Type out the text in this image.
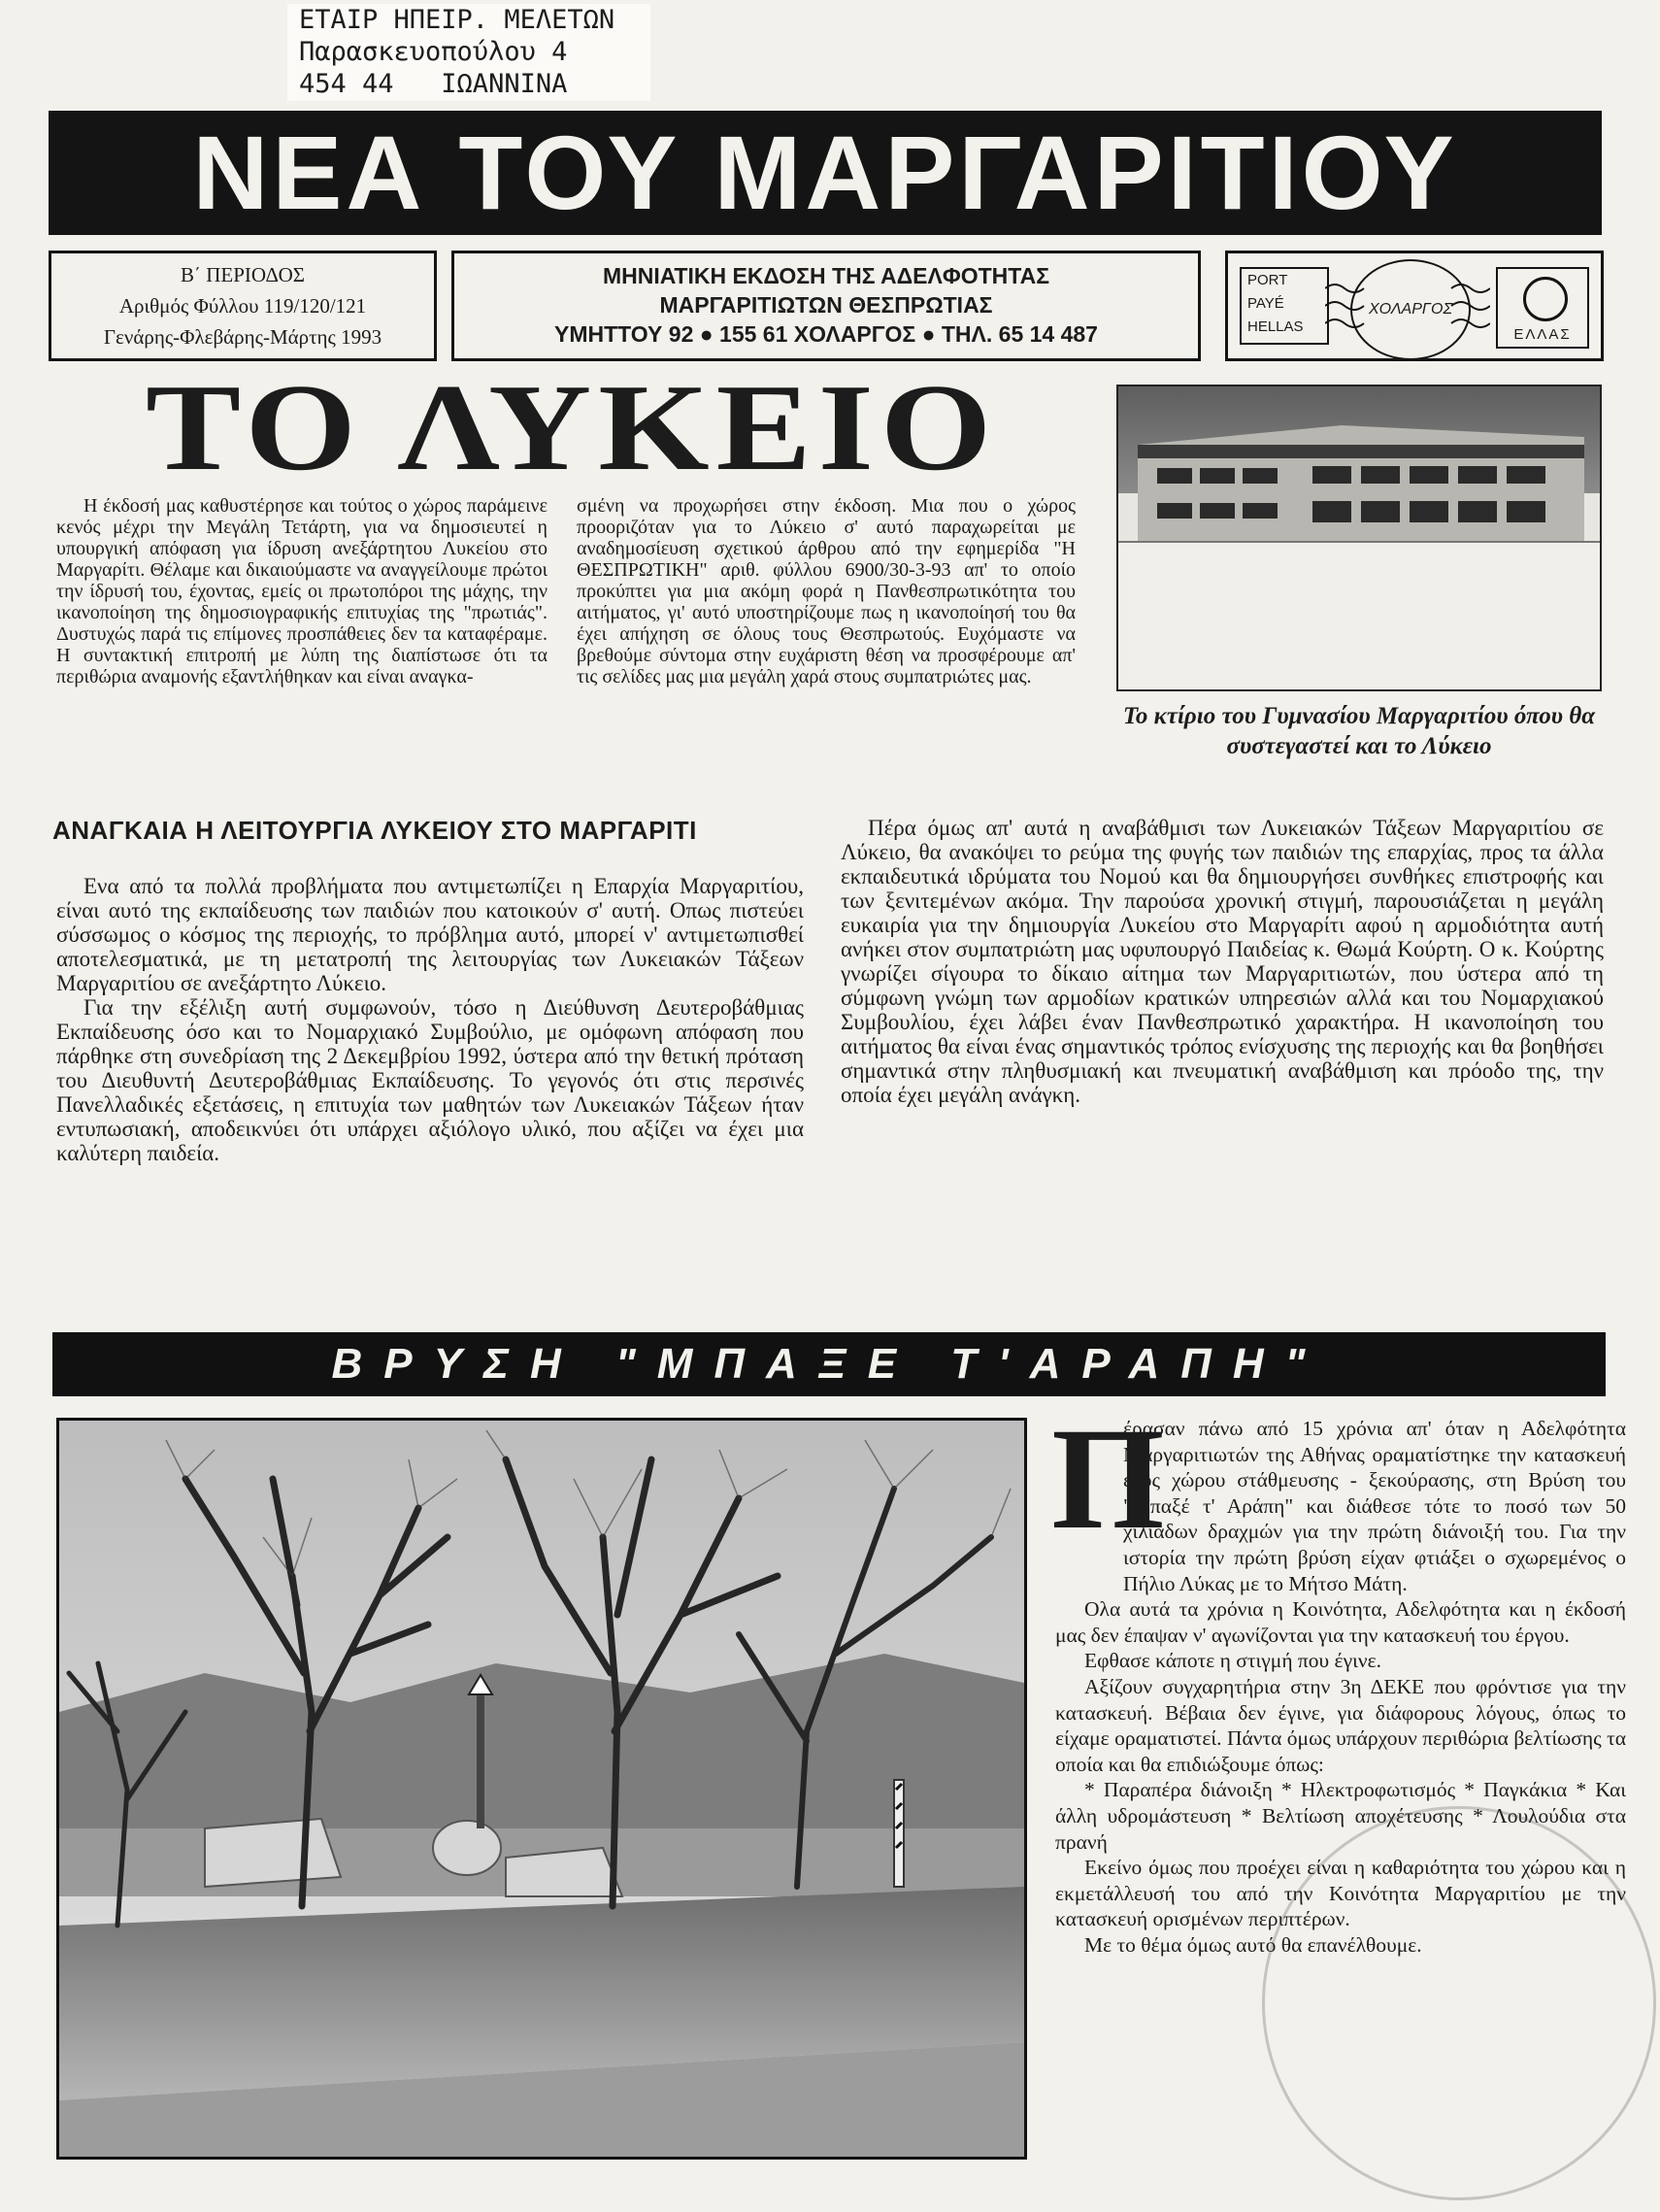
ΕΤΑΙΡ ΗΠΕΙΡ. ΜΕΛΕΤΩΝ
Παρασκευοπούλου 4
454 44   ΙΩΑΝΝΙΝΑ
ΝΕΑ ΤΟΥ ΜΑΡΓΑΡΙΤΙΟΥ
Β΄ ΠΕΡΙΟΔΟΣ
Αριθμός Φύλλου 119/120/121
Γενάρης-Φλεβάρης-Μάρτης 1993
ΜΗΝΙΑΤΙΚΗ ΕΚΔΟΣΗ ΤΗΣ ΑΔΕΛΦΟΤΗΤΑΣ
ΜΑΡΓΑΡΙΤΙΩΤΩΝ ΘΕΣΠΡΩΤΙΑΣ
ΥΜΗΤΤΟΥ 92 ● 155 61 ΧΟΛΑΡΓΟΣ ● ΤΗΛ. 65 14 487
PORT
PAYÉ
HELLAS
ΧΟΛΑΡΓΟΣ
ΕΛΛΑΣ
ΤΟ ΛΥΚΕΙΟ

Η έκδοσή μας καθυστέρησε και τούτος ο χώρος παράμεινε κενός μέχρι την Μεγάλη Τετάρτη, για να δημοσιευτεί η υπουργική απόφαση για ίδρυση ανεξάρτητου Λυκείου στο Μαργαρίτι. Θέλαμε και δικαιούμαστε να αναγγείλουμε πρώτοι την ίδρυσή του, έχοντας, εμείς οι πρωτοπόροι της μάχης, την ικανοποίηση της δημοσιογραφικής επιτυχίας της "πρωτιάς". Δυστυχώς παρά τις επίμονες προσπάθειες δεν τα καταφέραμε. Η συντακτική επιτροπή με λύπη της διαπίστωσε ότι τα περιθώρια αναμονής εξαντλήθηκαν και είναι αναγκα-

σμένη να προχωρήσει στην έκδοση. Μια που ο χώρος προοριζόταν για το Λύκειο σ' αυτό παραχωρείται με αναδημοσίευση σχετικού άρθρου από την εφημερίδα "Η ΘΕΣΠΡΩΤΙΚΗ" αριθ. φύλλου 6900/30-3-93 απ' το οποίο προκύπτει για μια ακόμη φορά η Πανθεσπρωτικότητα του αιτήματος, γι' αυτό υποστηρίζουμε πως η ικανοποίησή του θα έχει απήχηση σε όλους τους Θεσπρωτούς. Ευχόμαστε να βρεθούμε σύντομα στην ευχάριστη θέση να προσφέρουμε απ' τις σελίδες μας μια μεγάλη χαρά στους συμπατριώτες μας.

Το κτίριο του Γυμνασίου Μαργαριτίου όπου θα συστεγαστεί και το Λύκειο
ΑΝΑΓΚΑΙΑ Η ΛΕΙΤΟΥΡΓΙΑ ΛΥΚΕΙΟΥ ΣΤΟ ΜΑΡΓΑΡΙΤΙ

Ενα από τα πολλά προβλήματα που αντιμετωπίζει η Επαρχία Μαργαριτίου, είναι αυτό της εκπαίδευσης των παιδιών που κατοικούν σ' αυτή. Οπως πιστεύει σύσσωμος ο κόσμος της περιοχής, το πρόβλημα αυτό, μπορεί ν' αντιμετωπισθεί αποτελεσματικά, με τη μετατροπή της λειτουργίας των Λυκειακών Τάξεων Μαργαριτίου σε ανεξάρτητο Λύκειο.

Για την εξέλιξη αυτή συμφωνούν, τόσο η Διεύθυνση Δευτεροβάθμιας Εκπαίδευσης όσο και το Νομαρχιακό Συμβούλιο, με ομόφωνη απόφαση που πάρθηκε στη συνεδρίαση της 2 Δεκεμβρίου 1992, ύστερα από την θετική πρόταση του Διευθυντή Δευτεροβάθμιας Εκπαίδευσης. Το γεγονός ότι στις περσινές Πανελλαδικές εξετάσεις, η επιτυχία των μαθητών των Λυκειακών Τάξεων ήταν εντυπωσιακή, αποδεικνύει ότι υπάρχει αξιόλογο υλικό, που αξίζει να έχει μια καλύτερη παιδεία.

Πέρα όμως απ' αυτά η αναβάθμισι των Λυκειακών Τάξεων Μαργαριτίου σε Λύκειο, θα ανακόψει το ρεύμα της φυγής των παιδιών της επαρχίας, προς τα άλλα εκπαιδευτικά ιδρύματα του Νομού και θα δημιουργήσει συνθήκες επιστροφής και των ξενιτεμένων ακόμα. Την παρούσα χρονική στιγμή, παρουσιάζεται η μεγάλη ευκαιρία για την δημιουργία Λυκείου στο Μαργαρίτι αφού η αρμοδιότητα αυτή ανήκει στον συμπατριώτη μας υφυπουργό Παιδείας κ. Θωμά Κούρτη. Ο κ. Κούρτης γνωρίζει σίγουρα το δίκαιο αίτημα των Μαργαριτιωτών, που ύστερα από τη σύμφωνη γνώμη των αρμοδίων κρατικών υπηρεσιών αλλά και του Νομαρχιακού Συμβουλίου, έχει λάβει έναν Πανθεσπρωτικό χαρακτήρα. Η ικανοποίηση του αιτήματος θα είναι ένας σημαντικός τρόπος ενίσχυσης της περιοχής και θα βοηθήσει σημαντικά στην πληθυσμιακή και πνευματική αναβάθμιση και πρόοδο της, την οποία έχει μεγάλη ανάγκη.

ΒΡΥΣΗ "ΜΠΑΞΕ Τ'ΑΡΑΠΗ"
Π

έρασαν πάνω από 15 χρόνια απ' όταν η Αδελφότητα Μαργαριτιωτών της Αθήνας οραματίστηκε την κατασκευή ενός χώρου στάθμευσης - ξεκούρασης, στη Βρύση του "Μπαξέ τ' Αράπη" και διάθεσε τότε το ποσό των 50 χιλιάδων δραχμών για την πρώτη διάνοιξή του. Για την ιστορία την πρώτη βρύση είχαν φτιάξει ο σχωρεμένος ο Πήλιο Λύκας με το Μήτσο Μάτη.

Ολα αυτά τα χρόνια η Κοινότητα, Αδελφότητα και η έκδοσή μας δεν έπαψαν ν' αγωνίζονται για την κατασκευή του έργου.

Εφθασε κάποτε η στιγμή που έγινε.

Αξίζουν συγχαρητήρια στην 3η ΔΕΚΕ που φρόντισε για την κατασκευή. Βέβαια δεν έγινε, για διάφορους λόγους, όπως το είχαμε οραματιστεί. Πάντα όμως υπάρχουν περιθώρια βελτίωσης τα οποία και θα επιδιώξουμε όπως:

* Παραπέρα διάνοιξη * Ηλεκτροφωτισμός * Παγκάκια * Και άλλη υδρομάστευση * Βελτίωση αποχέτευσης * Λουλούδια στα πρανή

Εκείνο όμως που προέχει είναι η καθαριότητα του χώρου και η εκμετάλλευσή του από την Κοινότητα Μαργαριτίου με την κατασκευή ορισμένων περιπτέρων.

Με το θέμα όμως αυτό θα επανέλθουμε.
